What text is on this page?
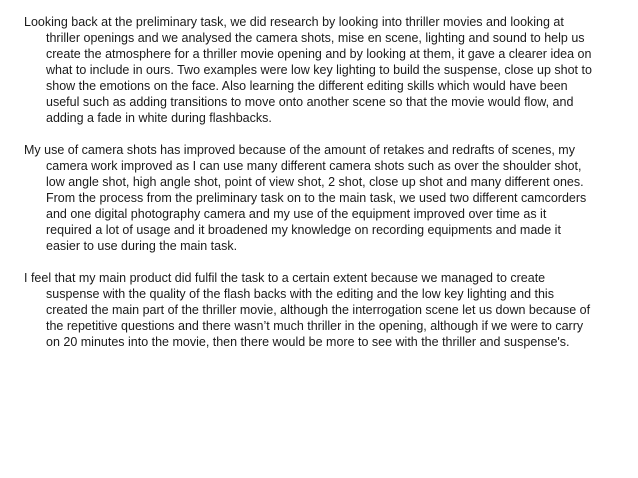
Looking back at the preliminary task, we did research by looking into thriller movies and looking at thriller openings and we analysed the camera shots, mise en scene, lighting and sound to help us create the atmosphere for a thriller movie opening and by looking at them, it gave a clearer idea on what to include in ours. Two examples were low key lighting to build the suspense, close up shot to show the emotions on the face. Also learning the different editing skills which would have been useful such as adding transitions to move onto another scene so that the movie would flow, and adding a fade in white during flashbacks.

My use of camera shots has improved because of the amount of retakes and redrafts of scenes, my camera work improved as I can use many different camera shots such as over the shoulder shot, low angle shot, high angle shot, point of view shot, 2 shot, close up shot and many different ones. From the process from the preliminary task on to the main task, we used two different camcorders and one digital photography camera and my use of the equipment improved over time as it required a lot of usage and it broadened my knowledge on recording equipments and made it easier to use during the main task.

I feel that my main product did fulfil the task to a certain extent because we managed to create suspense with the quality of the flash backs with the editing and the low key lighting and this created the main part of the thriller movie, although the interrogation scene let us down because of the repetitive questions and there wasn’t much thriller in the opening, although if we were to carry on 20 minutes into the movie, then there would be more to see with the thriller and suspense's.
